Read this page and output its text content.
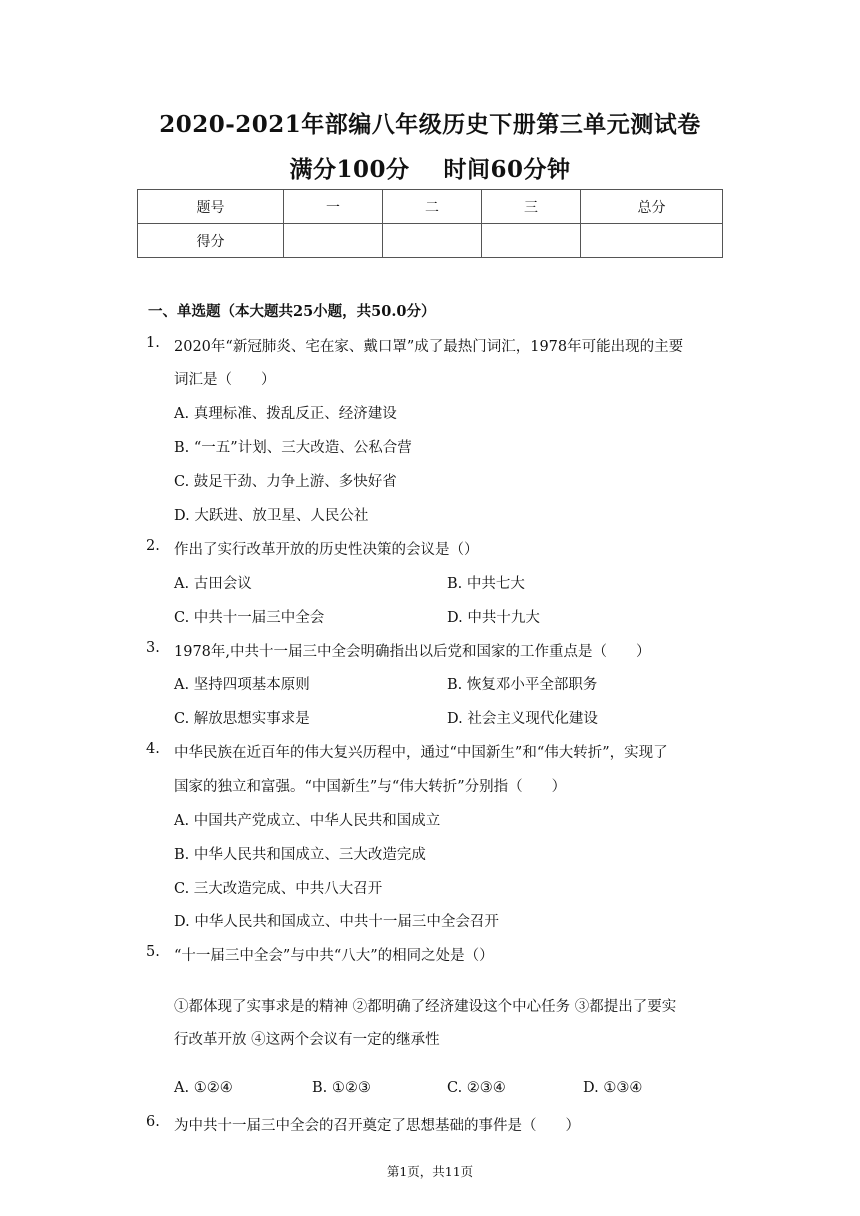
2020-2021年部编八年级历史下册第三单元测试卷
满分100分 时间60分钟
题号	一	二	三	总分
得分				
一、单选题（本大题共25小题，共50.0分）
1. 2020年“新冠肺炎、宅在家、戴口罩”成了最热门词汇，1978年可能出现的主要
词汇是（　　）
A. 真理标准、拨乱反正、经济建设
B. “一五”计划、三大改造、公私合营
C. 鼓足干劲、力争上游、多快好省
D. 大跃进、放卫星、人民公社
2. 作出了实行改革开放的历史性决策的会议是（）
A. 古田会议	B. 中共七大
C. 中共十一届三中全会	D. 中共十九大
3. 1978年,中共十一届三中全会明确指出以后党和国家的工作重点是（　　）
A. 坚持四项基本原则	B. 恢复邓小平全部职务
C. 解放思想实事求是	D. 社会主义现代化建设
4. 中华民族在近百年的伟大复兴历程中，通过“中国新生”和“伟大转折”，实现了
国家的独立和富强。“中国新生”与“伟大转折”分别指（　　）
A. 中国共产党成立、中华人民共和国成立
B. 中华人民共和国成立、三大改造完成
C. 三大改造完成、中共八大召开
D. 中华人民共和国成立、中共十一届三中全会召开
5. “十一届三中全会”与中共“八大”的相同之处是（）
①都体现了实事求是的精神 ②都明确了经济建设这个中心任务 ③都提出了要实
行改革开放 ④这两个会议有一定的继承性
A. ①②④	B. ①②③	C. ②③④	D. ①③④
6. 为中共十一届三中全会的召开奠定了思想基础的事件是（　　）
第1页，共11页
